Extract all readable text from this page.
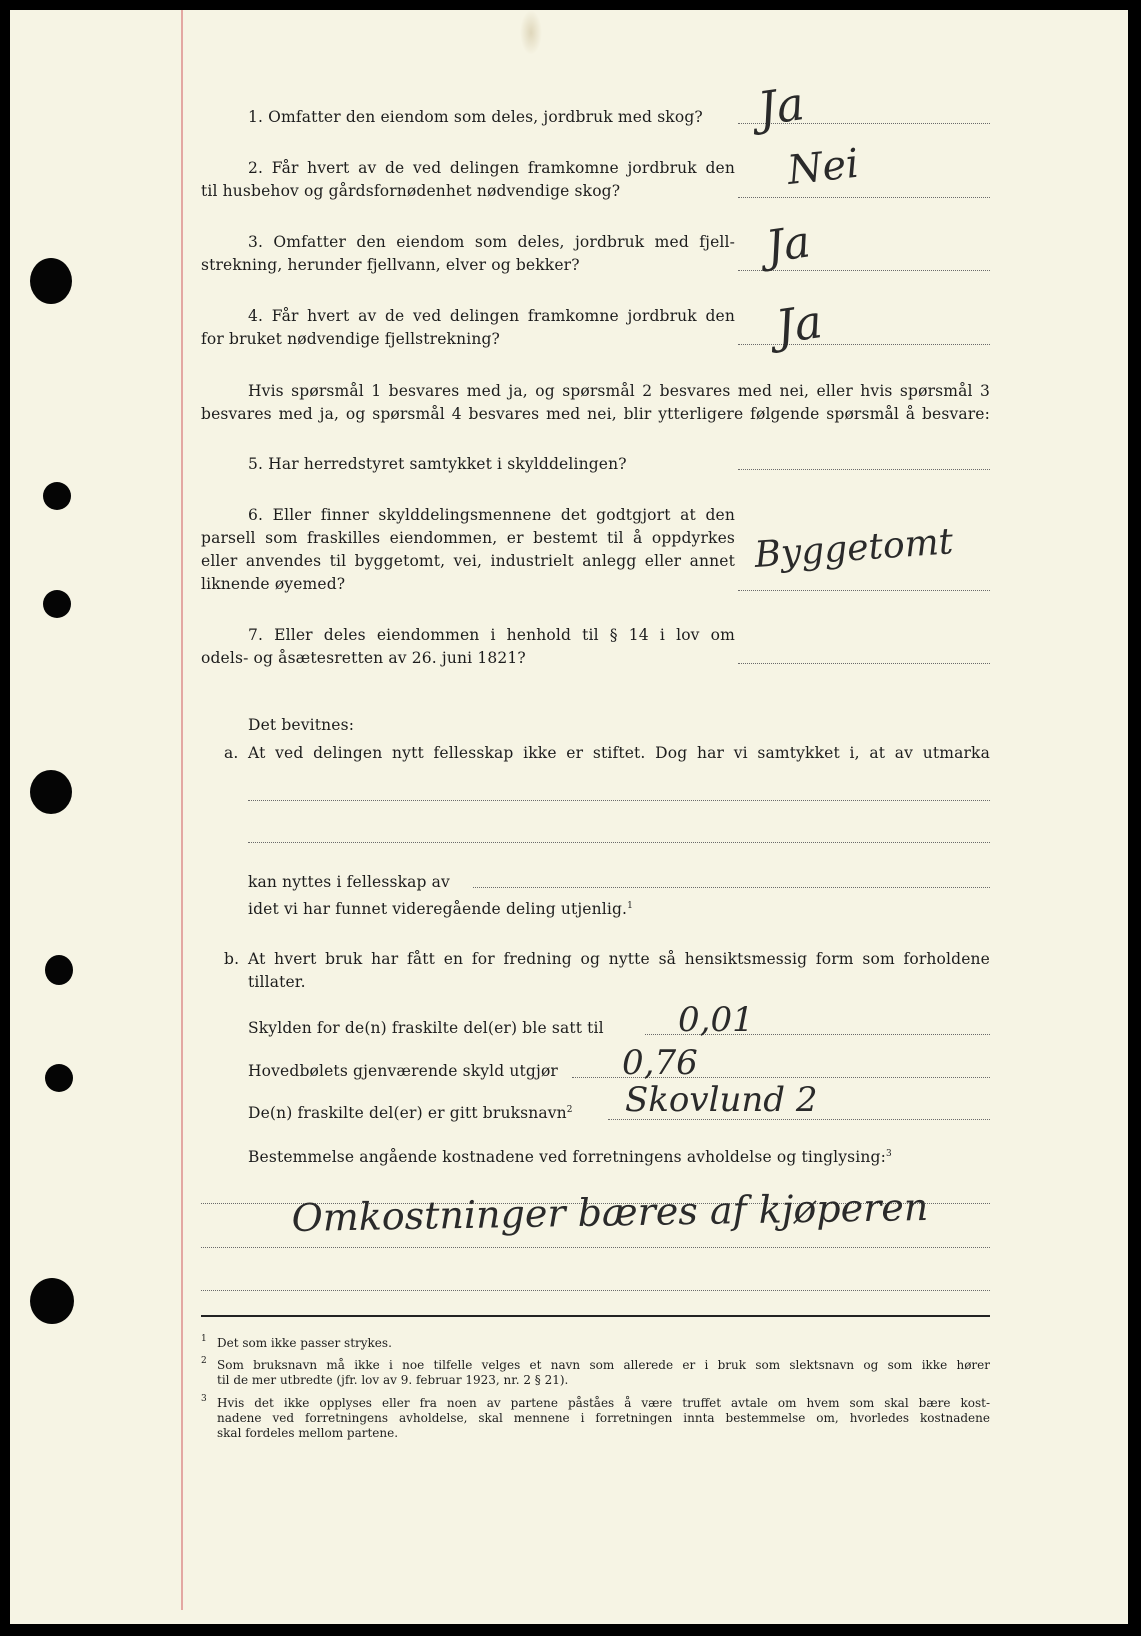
1. Omfatter den eiendom som deles, jordbruk med skog? Ja
2. Får hvert av de ved delingen framkomne jordbruk den
til husbehov og gårdsfornødenhet nødvendige skog?	Nei
3. Omfatter den eiendom som deles, jordbruk med fjell-
strekning, herunder fjellvann, elver og bekker?	Ja
4. Får hvert av de ved delingen framkomne jordbruk den
for bruket nødvendige fjellstrekning?	Ja
Hvis spørsmål 1 besvares med ja, og spørsmål 2 besvares med nei, eller hvis spørsmål 3
besvares med ja, og spørsmål 4 besvares med nei, blir ytterligere følgende spørsmål å besvare:
5. Har herredstyret samtykket i skylddelingen?
6. Eller finner skylddelingsmennene det godtgjort at den
parsell som fraskilles eiendommen, er bestemt til å oppdyrkes
eller anvendes til byggetomt, vei, industrielt anlegg eller annet
liknende øyemed?
Byggetomt
7. Eller deles eiendommen i henhold til § 14 i lov om
odels- og åsætesretten av 26. juni 1821?
Det bevitnes:
a. At ved delingen nytt fellesskap ikke er stiftet. Dog har vi samtykket i, at av utmarka
kan nyttes i fellesskap av
idet vi har funnet videregående deling utjenlig.$^1$
b. At hvert bruk har fått en for fredning og nytte så hensiktsmessig form som forholdene
tillater.
Skylden for de(n) fraskilte del(er) ble satt til 0,01
Hovedbølets gjenværende skyld utgjør 0,76
De(n) fraskilte del(er) er gitt bruksnavn$^2$ Skovlund 2
Bestemmelse angående kostnadene ved forretningens avholdelse og tinglysing:$^3$
Omkostninger bæres af kjøperen
1 Det som ikke passer strykes.
2 Som bruksnavn må ikke i noe tilfelle velges et navn som allerede er i bruk som slektsnavn og som ikke hører
til de mer utbredte (jfr. lov av 9. februar 1923, nr. 2 § 21).
3 Hvis det ikke opplyses eller fra noen av partene påståes å være truffet avtale om hvem som skal bære kost-
nadene ved forretningens avholdelse, skal mennene i forretningen innta bestemmelse om, hvorledes kostnadene
skal fordeles mellom partene.
